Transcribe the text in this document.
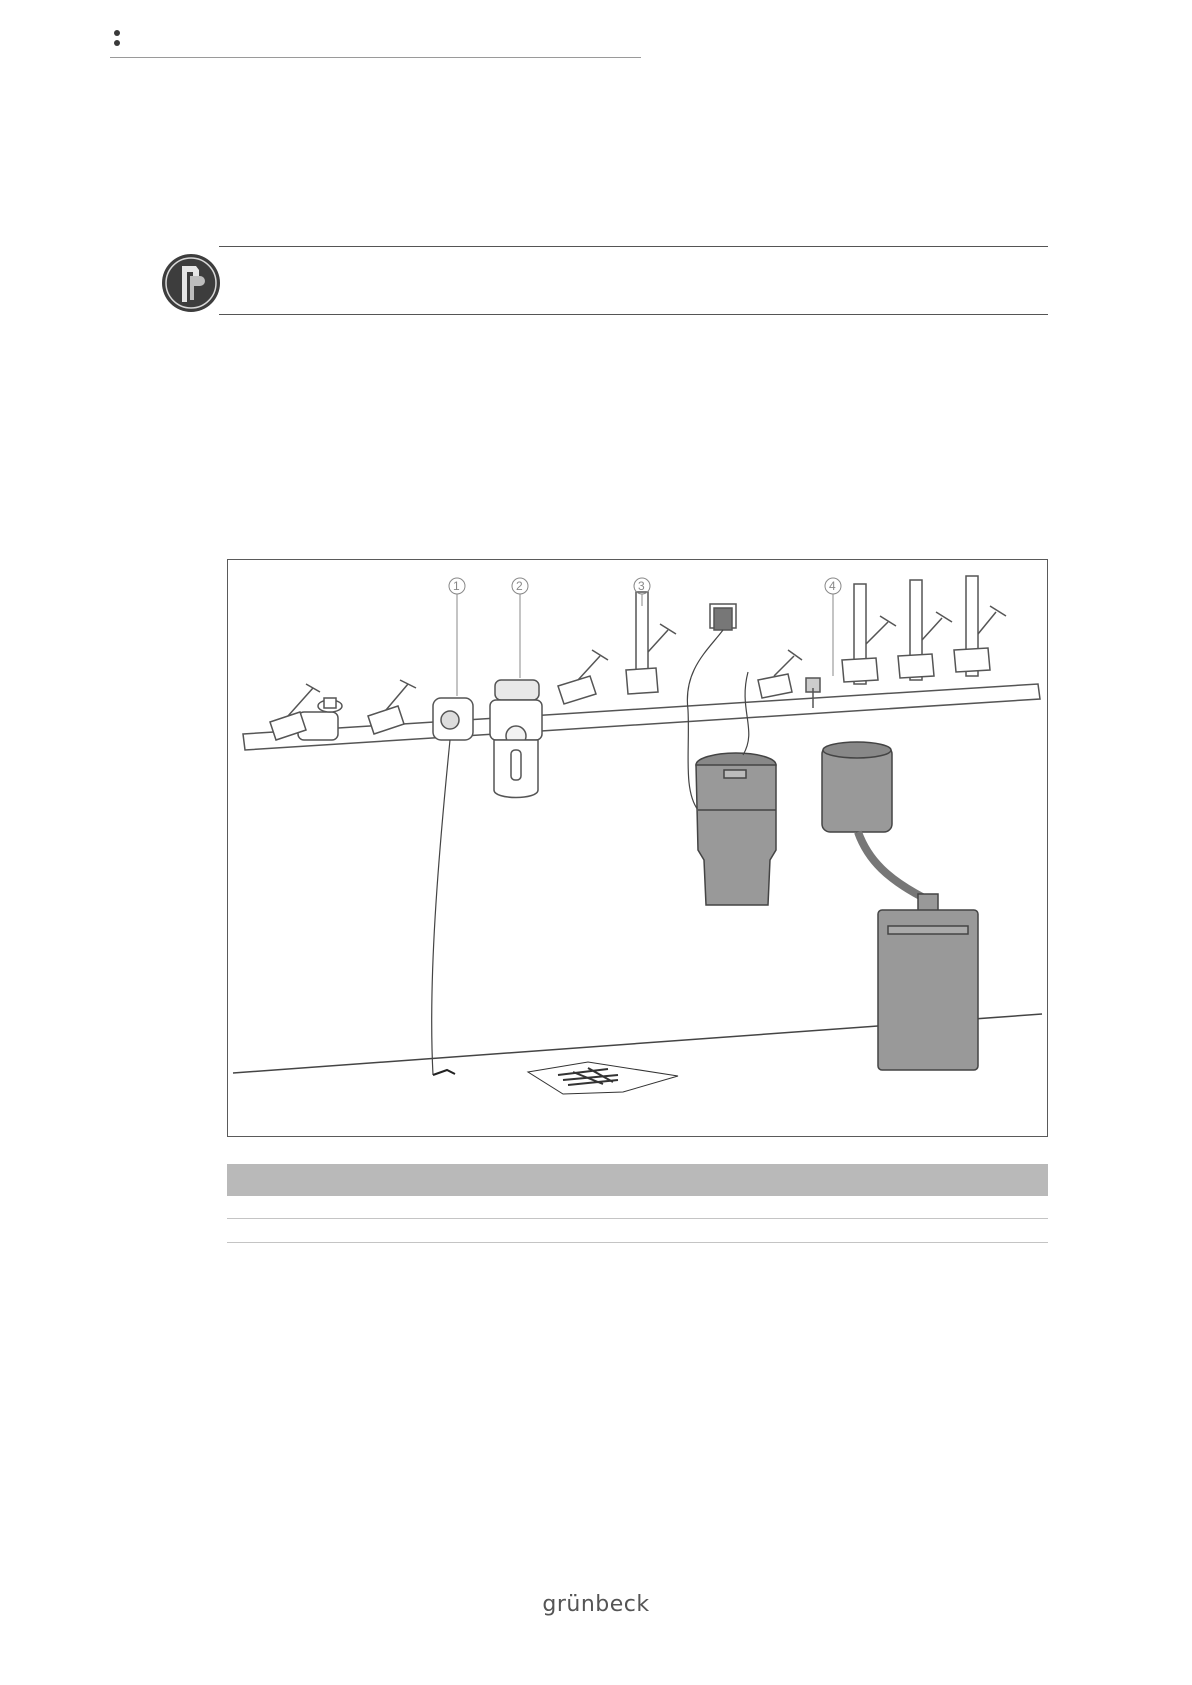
1	2	3	4
grünbeck
